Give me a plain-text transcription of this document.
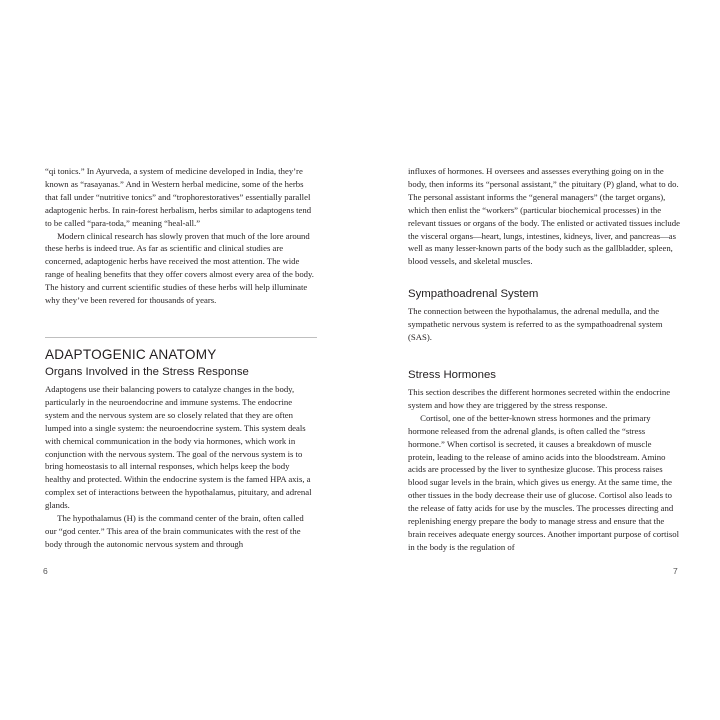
“qi tonics.” In Ayurveda, a system of medicine developed in India, they’re known as “rasayanas.” And in Western herbal medicine, some of the herbs that fall under “nutritive tonics” and “trophorestoratives” essentially parallel adaptogenic herbs. In rain-forest herbalism, herbs similar to adaptogens tend to be called “para-toda,” meaning “heal-all.”

Modern clinical research has slowly proven that much of the lore around these herbs is indeed true. As far as scientific and clinical studies are concerned, adaptogenic herbs have received the most attention. The wide range of healing benefits that they offer covers almost every area of the body. The history and current scientific studies of these herbs will help illuminate why they’ve been revered for thousands of years.

ADAPTOGENIC ANATOMY
Organs Involved in the Stress Response

Adaptogens use their balancing powers to catalyze changes in the body, particularly in the neuroendocrine and immune systems. The endocrine system and the nervous system are so closely related that they are often lumped into a single system: the neuroendocrine system. This system deals with chemical communication in the body via hormones, which work in conjunction with the nervous system. The goal of the nervous system is to bring homeostasis to all internal responses, which helps keep the body healthy and protected. Within the endocrine system is the famed HPA axis, a complex set of interactions between the hypothalamus, pituitary, and adrenal glands.

The hypothalamus (H) is the command center of the brain, often called our “god center.” This area of the brain communicates with the rest of the body through the autonomic nervous system and through

influxes of hormones. H oversees and assesses everything going on in the body, then informs its “personal assistant,” the pituitary (P) gland, what to do. The personal assistant informs the “general managers” (the target organs), which then enlist the “workers” (particular biochemical processes) in the relevant tissues or organs of the body. The enlisted or activated tissues include the visceral organs—heart, lungs, intestines, kidneys, liver, and pancreas—as well as many lesser-known parts of the body such as the gallbladder, spleen, blood vessels, and skeletal muscles.

Sympathoadrenal System

The connection between the hypothalamus, the adrenal medulla, and the sympathetic nervous system is referred to as the sympathoadrenal system (SAS).

Stress Hormones

This section describes the different hormones secreted within the endocrine system and how they are triggered by the stress response.

Cortisol, one of the better-known stress hormones and the primary hormone released from the adrenal glands, is often called the “stress hormone.” When cortisol is secreted, it causes a breakdown of muscle protein, leading to the release of amino acids into the bloodstream. Amino acids are processed by the liver to synthesize glucose. This process raises blood sugar levels in the brain, which gives us energy. At the same time, the other tissues in the body decrease their use of glucose. Cortisol also leads to the release of fatty acids for use by the muscles. The processes directing and replenishing energy prepare the body to manage stress and ensure that the brain receives adequate energy sources. Another important purpose of cortisol in the body is the regulation of

6	7
